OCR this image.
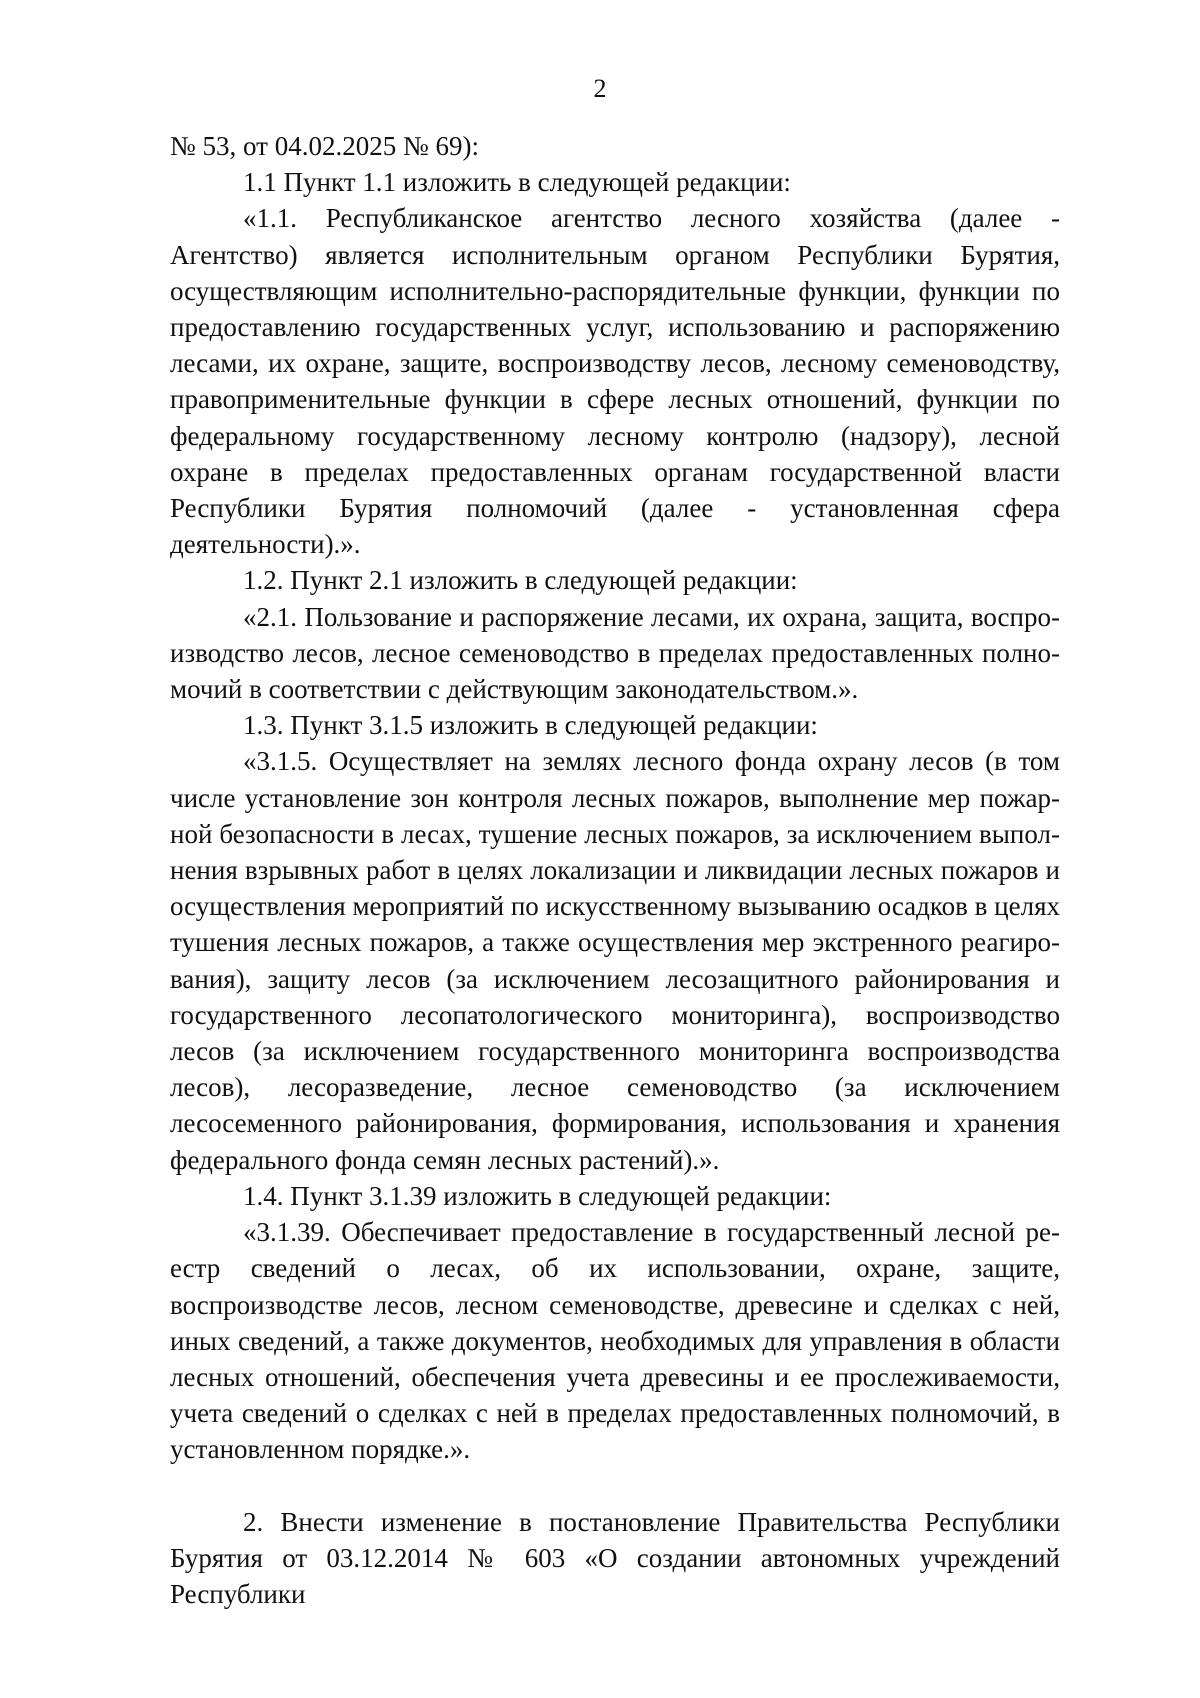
2

№ 53, от 04.02.2025 № 69):

1.1 Пункт 1.1 изложить в следующей редакции:

«1.1. Республиканское агентство лесного хозяйства (далее - Агентство) является исполнительным органом Республики Бурятия, осуществляющим исполнительно-распорядительные функции, функции по предоставлению государственных услуг, использованию и распоряжению лесами, их охране, защите, воспроизводству лесов, лесному семеноводству, правоприменительные функции в сфере лесных отношений, функции по федеральному государственному лесному контролю (надзору), лесной охране в пределах предоставленных органам государственной власти Республики Бурятия полномочий (далее - установленная сфера деятельности).».

1.2. Пункт 2.1 изложить в следующей редакции:

«2.1. Пользование и распоряжение лесами, их охрана, защита, воспроизводство лесов, лесное семеноводство в пределах предоставленных полномочий в соответствии с действующим законодательством.».

1.3. Пункт 3.1.5 изложить в следующей редакции:

«3.1.5. Осуществляет на землях лесного фонда охрану лесов (в том числе установление зон контроля лесных пожаров, выполнение мер пожарной безопасности в лесах, тушение лесных пожаров, за исключением выполнения взрывных работ в целях локализации и ликвидации лесных пожаров и осуществления мероприятий по искусственному вызыванию осадков в целях тушения лесных пожаров, а также осуществления мер экстренного реагирования), защиту лесов (за исключением лесозащитного районирования и государственного лесопатологического мониторинга), воспроизводство лесов (за исключением государственного мониторинга воспроизводства лесов), лесоразведение, лесное семеноводство (за исключением лесосеменного районирования, формирования, использования и хранения федерального фонда семян лесных растений).».

1.4. Пункт 3.1.39 изложить в следующей редакции:

«3.1.39. Обеспечивает предоставление в государственный лесной реестр сведений о лесах, об их использовании, охране, защите, воспроизводстве лесов, лесном семеноводстве, древесине и сделках с ней, иных сведений, а также документов, необходимых для управления в области лесных отношений, обеспечения учета древесины и ее прослеживаемости, учета сведений о сделках с ней в пределах предоставленных полномочий, в установленном порядке.».

2. Внести изменение в постановление Правительства Республики Бурятия от 03.12.2014 № 603 «О создании автономных учреждений Республики
